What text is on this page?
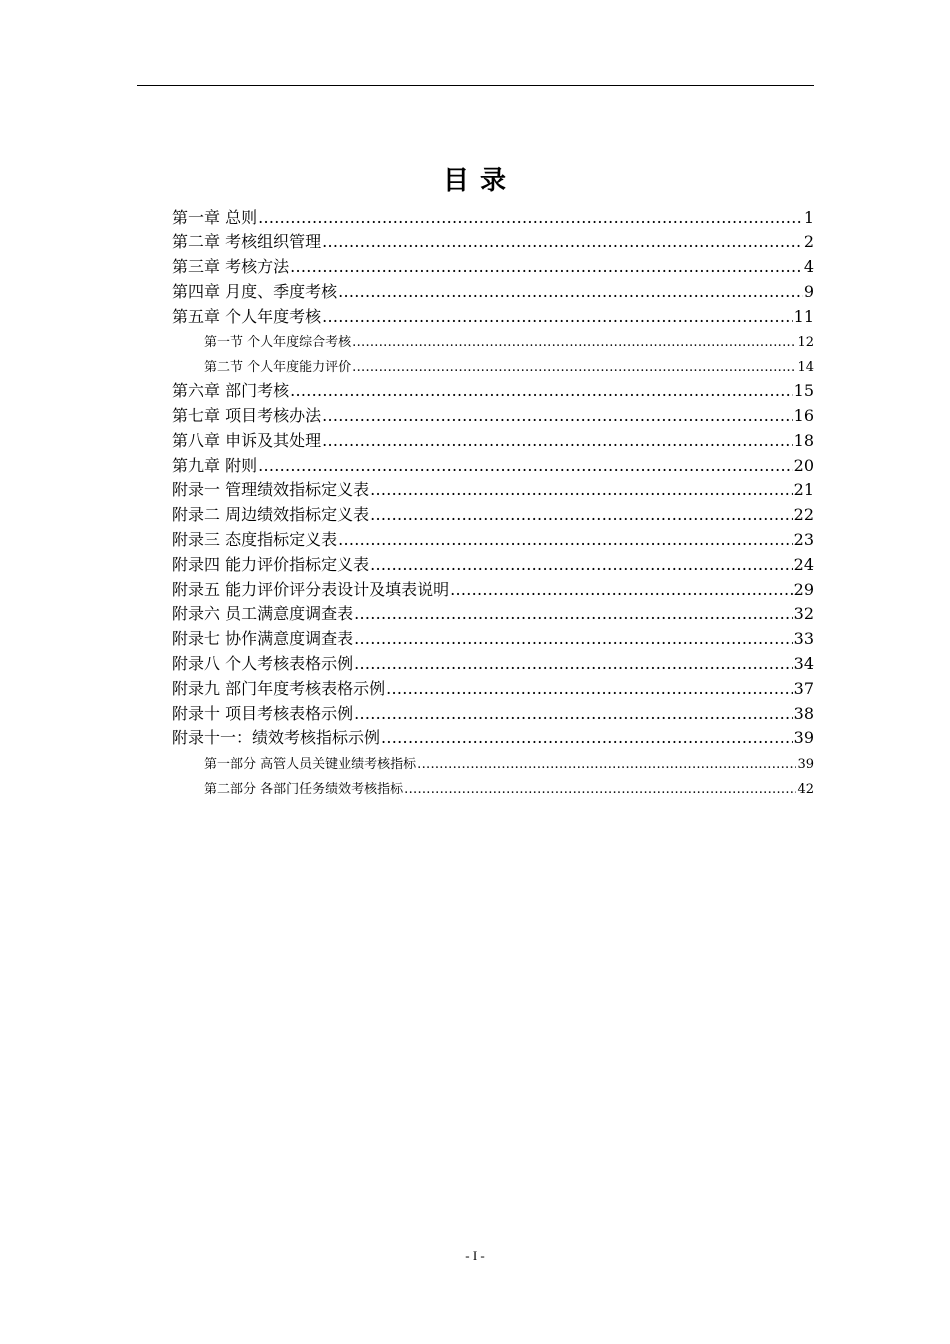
目 录
第一章 总则 .....	1
第二章 考核组织管理 .....	2
第三章 考核方法 .....	4
第四章 月度、季度考核 .....	9
第五章 个人年度考核 .....	11
第一节 个人年度综合考核 .....	12
第二节 个人年度能力评价 .....	14
第六章 部门考核 .....	15
第七章 项目考核办法 .....	16
第八章 申诉及其处理 .....	18
第九章 附则 .....	20
附录一 管理绩效指标定义表 .....	21
附录二 周边绩效指标定义表 .....	22
附录三 态度指标定义表 .....	23
附录四 能力评价指标定义表 .....	24
附录五 能力评价评分表设计及填表说明 .....	29
附录六 员工满意度调查表 .....	32
附录七 协作满意度调查表 .....	33
附录八 个人考核表格示例 .....	34
附录九 部门年度考核表格示例 .....	37
附录十 项目考核表格示例 .....	38
附录十一：绩效考核指标示例 .....	39
第一部分 高管人员关键业绩考核指标 .....	39
第二部分 各部门任务绩效考核指标 .....	42
- I -
